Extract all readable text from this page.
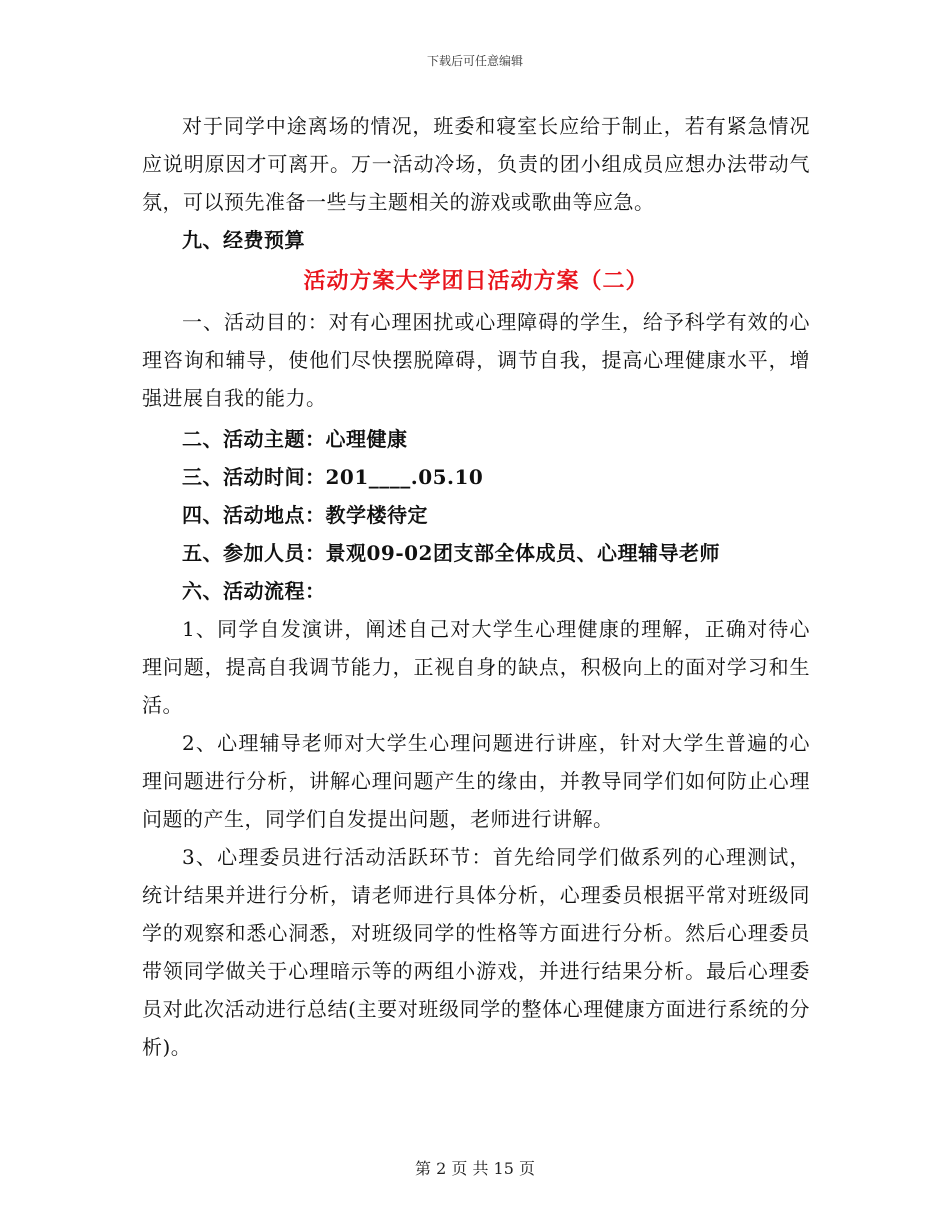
下载后可任意编辑

对于同学中途离场的情况，班委和寝室长应给于制止，若有紧急情况应说明原因才可离开。万一活动冷场，负责的团小组成员应想办法带动气氛，可以预先准备一些与主题相关的游戏或歌曲等应急。

九、经费预算

活动方案大学团日活动方案（二）

一、活动目的：对有心理困扰或心理障碍的学生，给予科学有效的心理咨询和辅导，使他们尽快摆脱障碍，调节自我，提高心理健康水平，增强进展自我的能力。

二、活动主题：心理健康

三、活动时间：201____.05.10

四、活动地点：教学楼待定

五、参加人员：景观09-02团支部全体成员、心理辅导老师

六、活动流程：

1、同学自发演讲，阐述自己对大学生心理健康的理解，正确对待心理问题，提高自我调节能力，正视自身的缺点，积极向上的面对学习和生活。

2、心理辅导老师对大学生心理问题进行讲座，针对大学生普遍的心理问题进行分析，讲解心理问题产生的缘由，并教导同学们如何防止心理问题的产生，同学们自发提出问题，老师进行讲解。

3、心理委员进行活动活跃环节：首先给同学们做系列的心理测试，统计结果并进行分析，请老师进行具体分析，心理委员根据平常对班级同学的观察和悉心洞悉，对班级同学的性格等方面进行分析。然后心理委员带领同学做关于心理暗示等的两组小游戏，并进行结果分析。最后心理委员对此次活动进行总结(主要对班级同学的整体心理健康方面进行系统的分析)。

第 2 页 共 15 页
